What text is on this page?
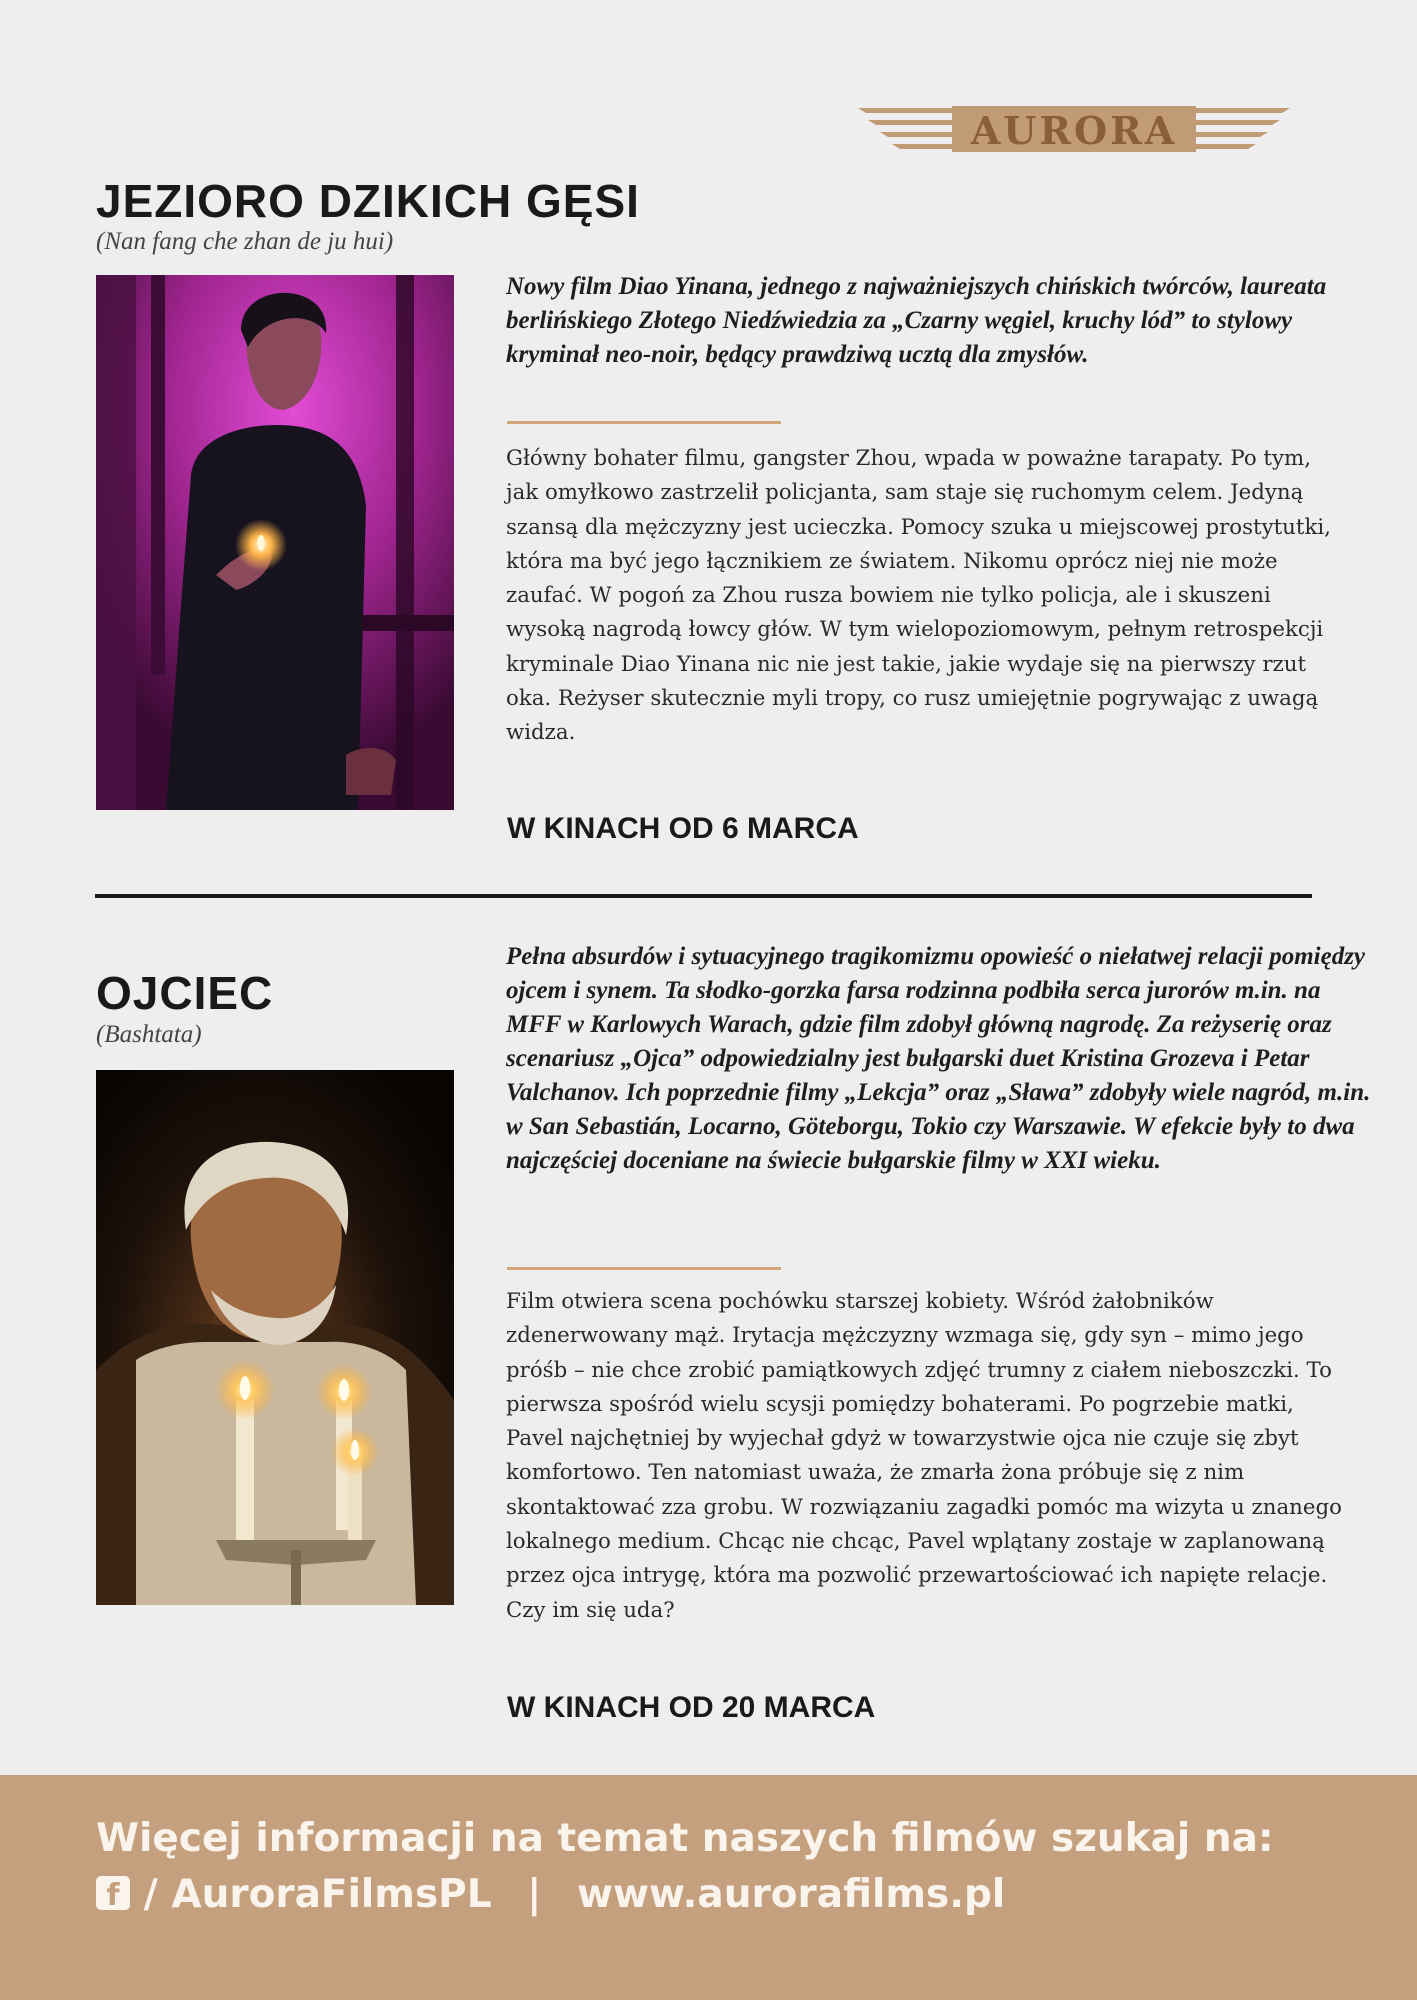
AURORA
JEZIORO DZIKICH GĘSI
(Nan fang che zhan de ju hui)

Nowy film Diao Yinana, jednego z najważniejszych chińskich twórców, laureata berlińskiego Złotego Niedźwiedzia za „Czarny węgiel, kruchy lód” to stylowy kryminał neo-noir, będący prawdziwą ucztą dla zmysłów.

Główny bohater filmu, gangster Zhou, wpada w poważne tarapaty. Po tym, jak omyłkowo zastrzelił policjanta, sam staje się ruchomym celem. Jedyną szansą dla mężczyzny jest ucieczka. Pomocy szuka u miejscowej prostytutki, która ma być jego łącznikiem ze światem. Nikomu oprócz niej nie może zaufać. W pogoń za Zhou rusza bowiem nie tylko policja, ale i skuszeni wysoką nagrodą łowcy głów. W tym wielopoziomowym, pełnym retrospekcji kryminale Diao Yinana nic nie jest takie, jakie wydaje się na pierwszy rzut oka. Reżyser skutecznie myli tropy, co rusz umiejętnie pogrywając z uwagą widza.

W KINACH OD 6 MARCA

Pełna absurdów i sytuacyjnego tragikomizmu opowieść o niełatwej relacji pomiędzy ojcem i synem. Ta słodko-gorzka farsa rodzinna podbiła serca jurorów m.in. na MFF w Karlowych Warach, gdzie film zdobył główną nagrodę. Za reżyserię oraz scenariusz „Ojca” odpowiedzialny jest bułgarski duet Kristina Grozeva i Petar Valchanov. Ich poprzednie filmy „Lekcja” oraz „Sława” zdobyły wiele nagród, m.in. w San Sebastián, Locarno, Göteborgu, Tokio czy Warszawie. W efekcie były to dwa najczęściej doceniane na świecie bułgarskie filmy w XXI wieku.

OJCIEC
(Bashtata)

Film otwiera scena pochówku starszej kobiety. Wśród żałobników zdenerwowany mąż. Irytacja mężczyzny wzmaga się, gdy syn – mimo jego próśb – nie chce zrobić pamiątkowych zdjęć trumny z ciałem nieboszczki. To pierwsza spośród wielu scysji pomiędzy bohaterami. Po pogrzebie matki, Pavel najchętniej by wyjechał gdyż w towarzystwie ojca nie czuje się zbyt komfortowo. Ten natomiast uważa, że zmarła żona próbuje się z nim skontaktować zza grobu. W rozwiązaniu zagadki pomóc ma wizyta u znanego lokalnego medium. Chcąc nie chcąc, Pavel wplątany zostaje w zaplanowaną przez ojca intrygę, która ma pozwolić przewartościować ich napięte relacje. Czy im się uda?

W KINACH OD 20 MARCA
Więcej informacji na temat naszych filmów szukaj na:
f / AuroraFilmsPL | www.aurorafilms.pl
